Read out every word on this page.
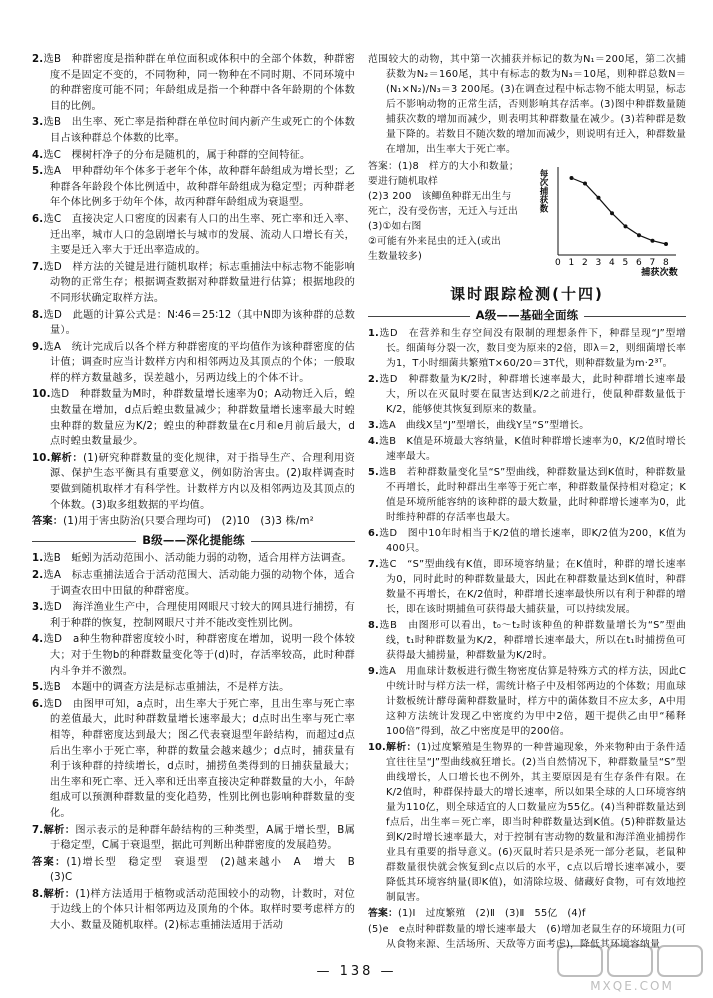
2.选B　种群密度是指种群在单位面积或体积中的全部个体数，种群密度不是固定不变的，不同物种，同一物种在不同时期、不同环境中的种群密度可能不同；年龄组成是指一个种群中各年龄期的个体数目的比例。
3.选B　出生率、死亡率是指种群在单位时间内新产生或死亡的个体数目占该种群总个体数的比率。
4.选C　棵树杆净子的分布是随机的，属于种群的空间特征。
5.选A　甲种群幼年个体多于老年个体，故种群年龄组成为增长型；乙种群各年龄段个体比例适中，故种群年龄组成为稳定型；丙种群老年个体比例多于幼年个体，故丙种群年龄组成为衰退型。
6.选C　直接决定人口密度的因素有人口的出生率、死亡率和迁入率、迁出率，城市人口的急剧增长与城市的发展、流动人口增长有关，主要是迁入率大于迁出率造成的。
7.选D　样方法的关键是进行随机取样；标志重捕法中标志物不能影响动物的正常生存；根据调查数据对种群数量进行估算；根据地段的不同形状确定取样方法。
8.选D　此题的计算公式是：N∶46＝25∶12（其中N即为该种群的总数量）。
9.选A　统计完成后以各个样方种群密度的平均值作为该种群密度的估计值；调查时应当计数样方内和相邻两边及其顶点的个体；一般取样的样方数量越多，误差越小，另两边线上的个体不计。
10.选D　种群数量为M时，种群数量增长速率为0；A动物迁入后，蝗虫数量在增加，d点后蝗虫数量减少；种群数量增长速率最大时蝗虫种群的数量应为K/2；蝗虫的种群数量在c月和e月前后最大，d点时蝗虫数量最少。
10.解析：(1)研究种群数量的变化规律，对于指导生产、合理利用资源、保护生态平衡具有重要意义，例如防治害虫。(2)取样调查时要做到随机取样才有科学性。计数样方内以及相邻两边及其顶点的个体数。(3)取多组数据的平均值。
答案：(1)用于害虫防治(只要合理均可)　(2)10　(3)3 株/m²
B级——深化提能练
1.选B　蚯蚓为活动范围小、活动能力弱的动物，适合用样方法调查。
2.选A　标志重捕法适合于活动范围大、活动能力强的动物个体，适合于调查农田中田鼠的种群密度。
3.选D　海洋渔业生产中，合理使用网眼尺寸较大的网具进行捕捞，有利于种群的恢复，控制网眼尺寸并不能改变性别比例。
4.选D　a种生物种群密度较小时，种群密度在增加，说明一段个体较大；对于生物b的种群数量变化等于(d)时，存活率较高，此时种群内斗争并不激烈。
5.选B　本题中的调查方法是标志重捕法，不是样方法。
6.选D　由图甲可知，a点时，出生率大于死亡率，且出生率与死亡率的差值最大，此时种群数量增长速率最大；d点时出生率与死亡率相等，种群密度达到最大；图乙代表衰退型年龄结构，而超过d点后出生率小于死亡率，种群的数量会越来越少；d点时，捕获量有利于该种群的持续增长，d点时，捕捞鱼类得到的日捕获量最大；出生率和死亡率、迁入率和迁出率直接决定种群数量的大小，年龄组成可以预测种群数量的变化趋势，性别比例也影响种群数量的变化。
7.解析：图示表示的是种群年龄结构的三种类型，A属于增长型，B属于稳定型，C属于衰退型，据此可判断出种群密度的发展趋势。
答案：(1)增长型　稳定型　衰退型　(2)越来越小　A　增大　B　(3)C
8.解析：(1)样方法适用于植物或活动范围较小的动物，计数时，对位于边线上的个体只计相邻两边及顶角的个体。取样时要考虑样方的大小、数量及随机取样。(2)标志重捕法适用于活动
范围较大的动物，其中第一次捕获并标记的数为N₁＝200尾，第二次捕获数为N₂＝160尾，其中有标志的数为N₃＝10尾，则种群总数N＝(N₁×N₂)/N₃＝3 200尾。(3)在调查过程中标志物不能太明显，标志后不影响动物的正常生活，否则影响其存活率。(3)图中种群数量随捕获次数的增加而减少，则表明其种群数量在减少。(3)若种群是数量下降的。若数目不随次数的增加而减少，则说明有迁入，种群数量在增加，出生率大于死亡率。
答案：(1)8　样方的大小和数量；
要进行随机取样
(2)3 200　该鲫鱼种群无出生与
死亡，没有受伤害，无迁入与迁出
(3)①如右图
②可能有外来昆虫的迁入(或出
生数量较多)
0 1 2 3 4 5 6 7 8
每次捕获数
捕获次数
课时跟踪检测(十四)
A级——基础全面练
1.选D　在营养和生存空间没有限制的理想条件下，种群呈现“J”型增长。细菌每分裂一次，数目变为原来的2倍，即λ＝2，则细菌增长率为1，T小时细菌共繁殖T×60/20＝3T代，则种群数量为m·2³ᵀ。
2.选D　种群数量为K/2时，种群增长速率最大，此时种群增长速率最大，所以在灭鼠时要在鼠害达到K/2之前进行，使鼠种群数量低于K/2，能够使其恢复到原来的数量。
3.选A　曲线X呈“J”型增长，曲线Y呈“S”型增长。
4.选B　K值是环境最大容纳量，K值时种群增长速率为0，K/2值时增长速率最大。
5.选B　若种群数量变化呈“S”型曲线，种群数量达到K值时，种群数量不再增长，此时种群出生率等于死亡率，种群数量保持相对稳定；K值是环境所能容纳的该种群的最大数量，此时种群增长速率为0，此时维持种群的存活率也最大。
6.选D　图中10年时相当于K/2值的增长速率，即K/2值为200，K值为400只。
7.选C　“S”型曲线有K值，即环境容纳量；在K值时，种群的增长速率为0，同时此时的种群数量最大，因此在种群数量达到K值时，种群数量不再增长，在K/2值时，种群增长速率最快所以有利于种群的增长，即在该时期捕鱼可获得最大捕获量，可以持续发展。
8.选B　由图形可以看出，t₀～t₂时该种鱼的种群数量增长为“S”型曲线，t₁时种群数量为K/2，种群增长速率最大，所以在t₁时捕捞鱼可获得最大捕捞量，种群数量为K/2时。
9.选A　用血球计数板进行微生物密度估算是特殊方式的样方法，因此C中统计时与样方法一样，需统计格子中及相邻两边的个体数；用血球计数板统计酵母菌种群数量时，样方中的菌体数目不应太多，A中用这种方法统计发现乙中密度约为甲中2倍，题干提供乙由甲“稀释100倍”得到，故乙中密度是甲的200倍。
10.解析：(1)过度繁殖是生物界的一种普遍现象，外来物种由于条件适宜往往呈“J”型曲线疯狂增长。(2)当自然情况下，种群数量呈“S”型曲线增长，人口增长也不例外，其主要原因是有生存条件有限。在K/2值时，种群保持最大的增长速率，所以如果全球的人口环境容纳量为110亿，则全球适宜的人口数量应为55亿。(4)当种群数量达到f点后，出生率＝死亡率，即当时种群数量达到K值。(5)种群数量达到K/2时增长速率最大，对于控制有害动物的数量和海洋渔业捕捞作业具有重要的指导意义。(6)灭鼠时若只是杀死一部分老鼠，老鼠种群数量很快就会恢复到c点以后的水平，c点以后增长速率减小，要降低其环境容纳量(即K值)，如清除垃圾、储藏好食物，可有效地控制鼠害。
答案：(1)Ⅰ　过度繁殖　(2)Ⅱ　(3)Ⅱ　55亿　(4)f
(5)e　e点时种群数量的增长速率最大　(6)增加老鼠生存的环境阻力(可从食物来源、生活场所、天敌等方面考虑)，降低其环境容纳量
— 138 —
MXQE.COM
